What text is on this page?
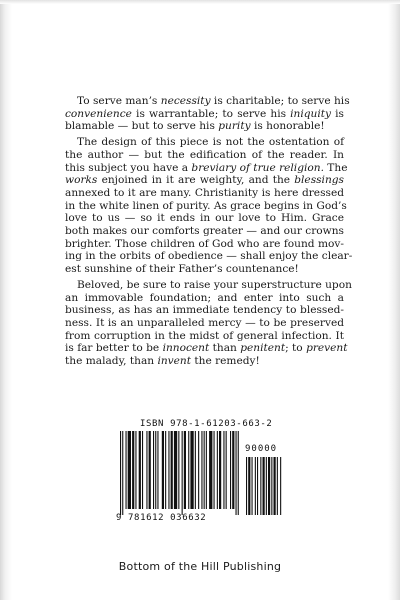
To serve man’s necessity is charitable; to serve his
convenience is warrantable; to serve his iniquity is
blamable — but to serve his purity is honorable!

The design of this piece is not the ostentation of
the author — but the edification of the reader. In
this subject you have a breviary of true religion. The
works enjoined in it are weighty, and the blessings
annexed to it are many. Christianity is here dressed
in the white linen of purity. As grace begins in God’s
love to us — so it ends in our love to Him. Grace
both makes our comforts greater — and our crowns
brighter. Those children of God who are found mov-
ing in the orbits of obedience — shall enjoy the clear-
est sunshine of their Father’s countenance!

Beloved, be sure to raise your superstructure upon
an immovable foundation; and enter into such a
business, as has an immediate tendency to blessed-
ness. It is an unparalleled mercy — to be preserved
from corruption in the midst of general infection. It
is far better to be innocent than penitent; to prevent
the malady, than invent the remedy!

ISBN 978-1-61203-663-2
90000
9 781612 036632
Bottom of the Hill Publishing
